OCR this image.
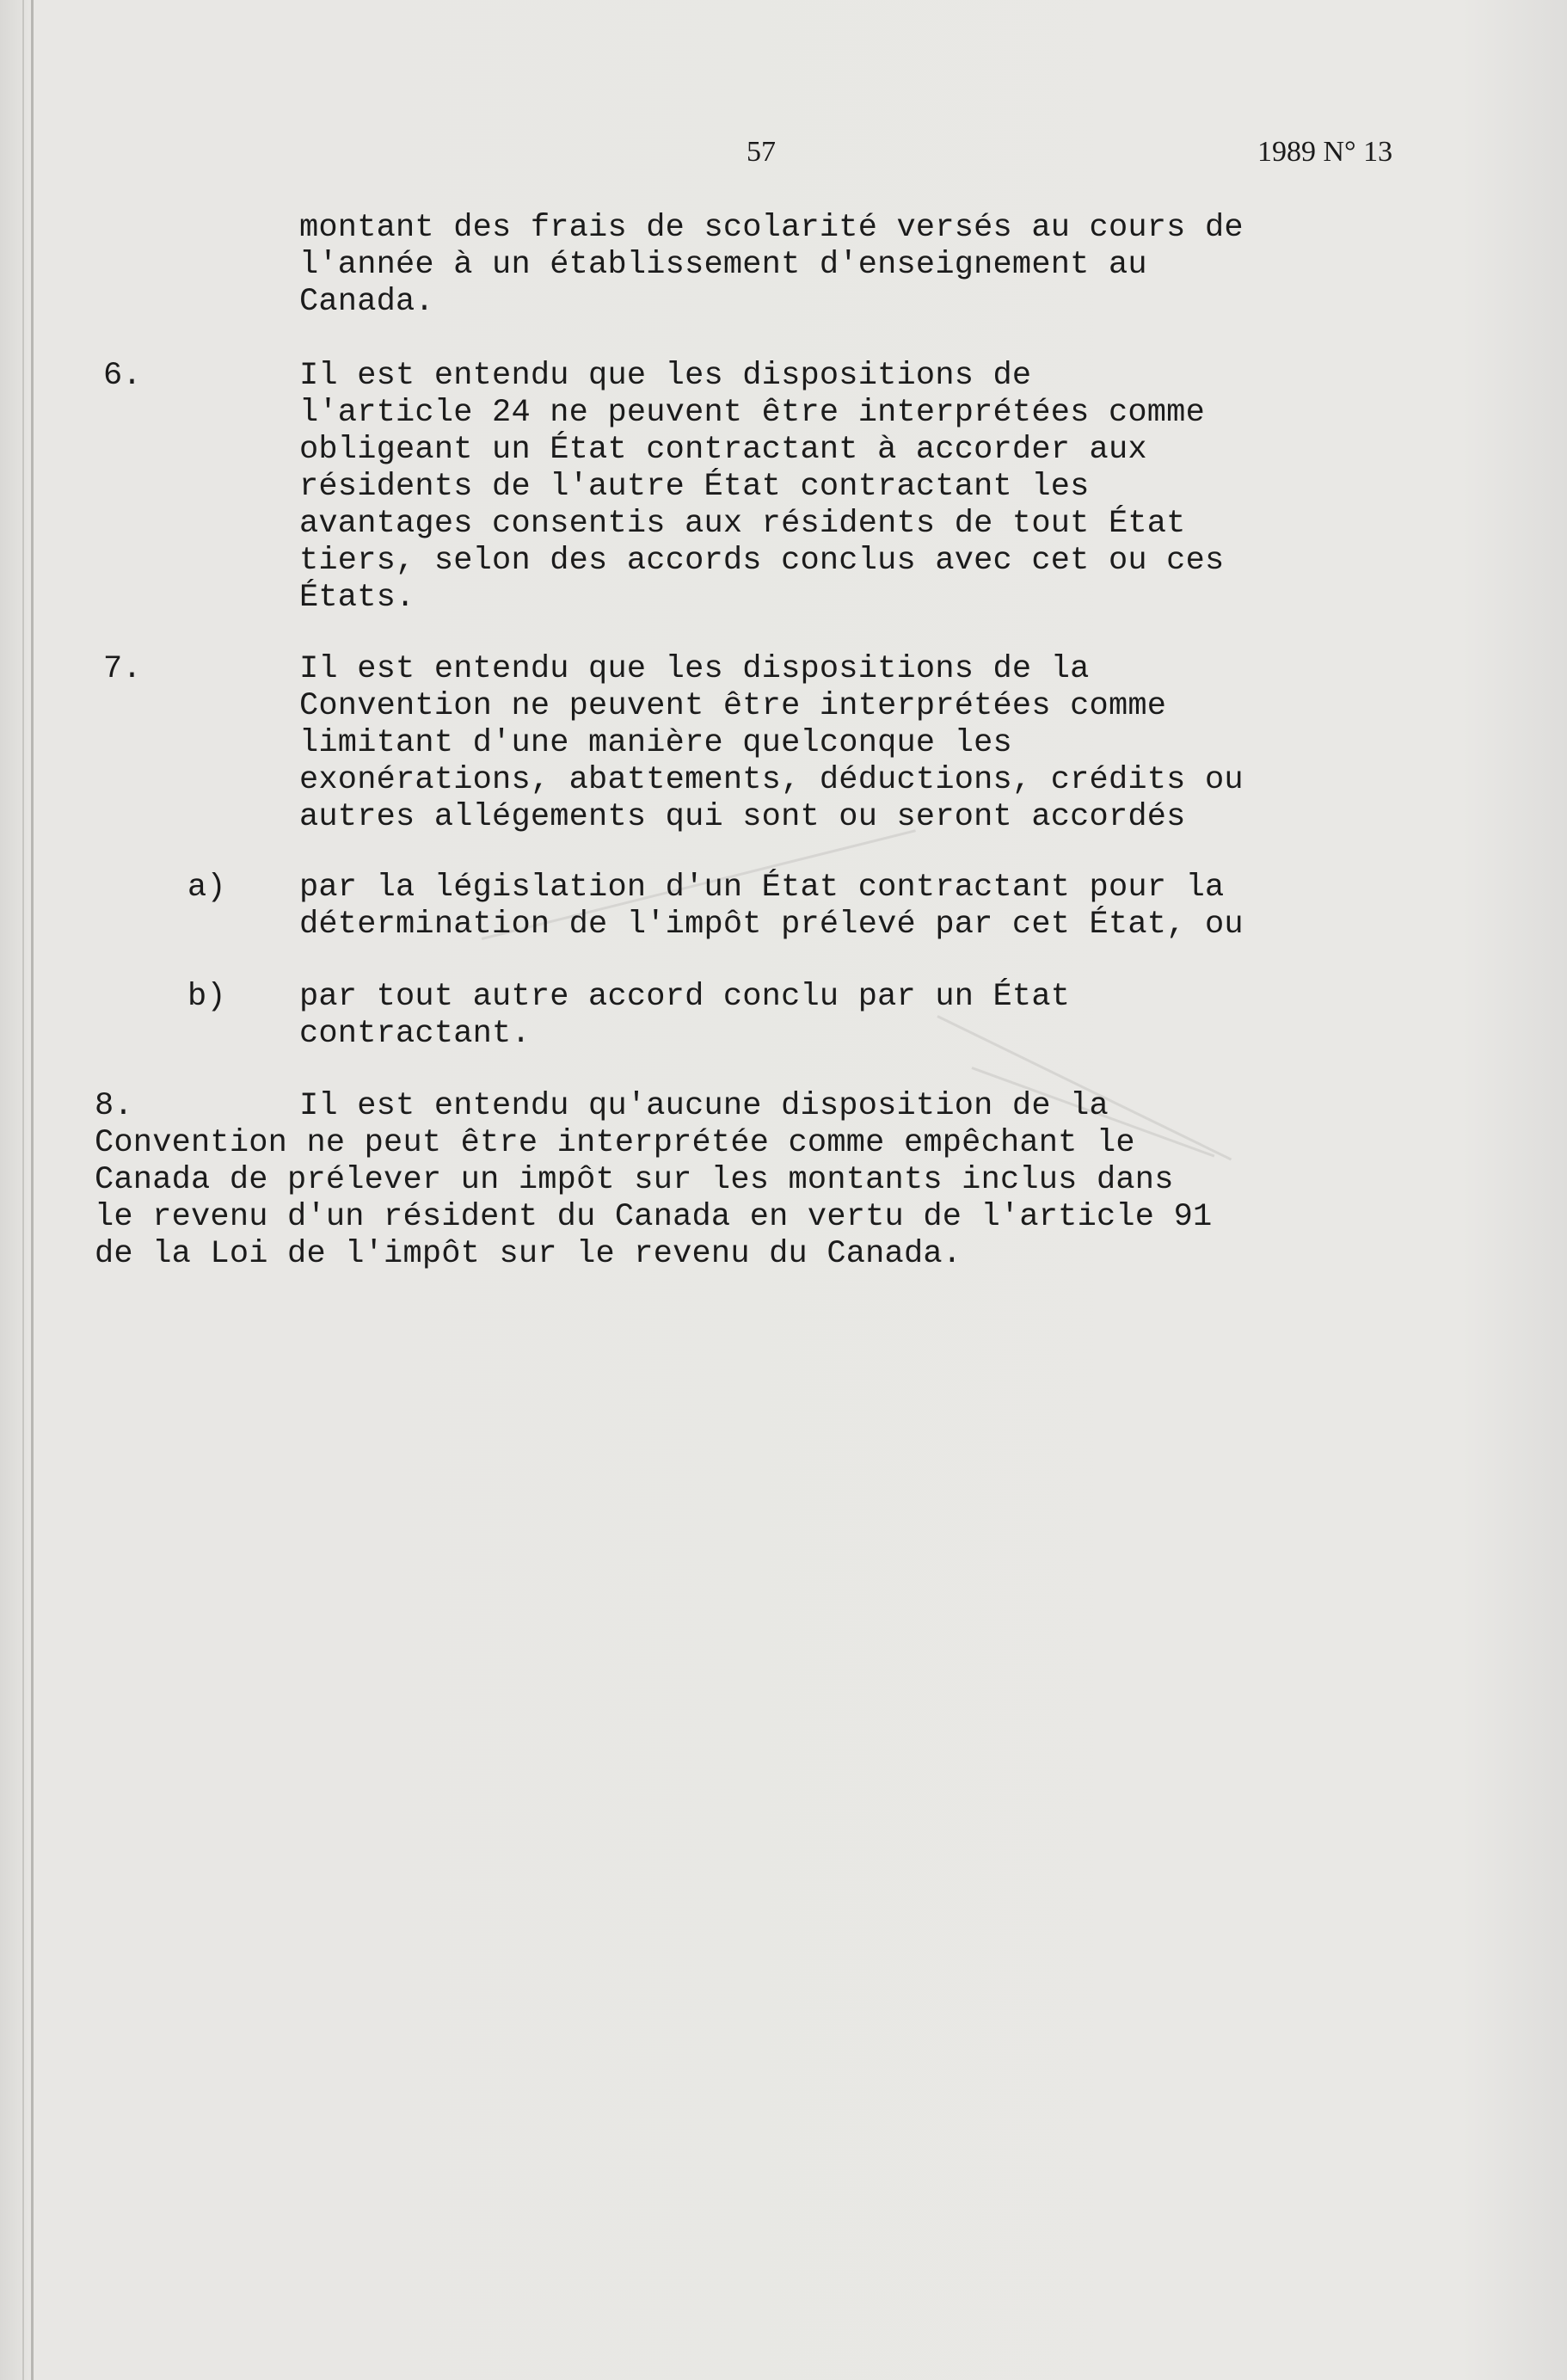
57	1989 N° 13
montant des frais de scolarité versés au cours de
l'année à un établissement d'enseignement au
Canada.
6.	Il est entendu que les dispositions de
l'article 24 ne peuvent être interprétées comme
obligeant un État contractant à accorder aux
résidents de l'autre État contractant les
avantages consentis aux résidents de tout État
tiers, selon des accords conclus avec cet ou ces
États.
7.	Il est entendu que les dispositions de la
Convention ne peuvent être interprétées comme
limitant d'une manière quelconque les
exonérations, abattements, déductions, crédits ou
autres allégements qui sont ou seront accordés
a) par la législation d'un État contractant pour la
détermination de l'impôt prélevé par cet État, ou
b) par tout autre accord conclu par un État
contractant.
8.	Il est entendu qu'aucune disposition de la
Convention ne peut être interprétée comme empêchant le
Canada de prélever un impôt sur les montants inclus dans
le revenu d'un résident du Canada en vertu de l'article 91
de la Loi de l'impôt sur le revenu du Canada.
